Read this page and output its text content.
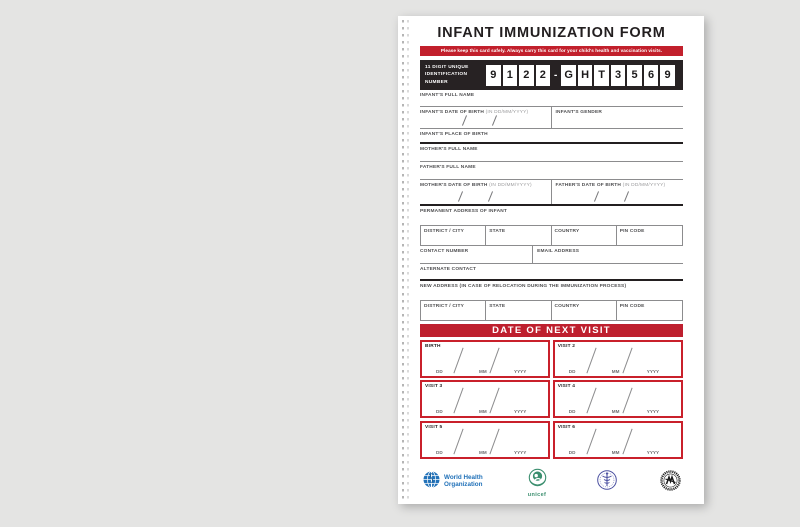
INFANT IMMUNIZATION FORM
Please keep this card safely. Always carry this card for your child's health and vaccination visits.
11 DIGIT UNIQUE
IDENTIFICATION
NUMBER
9 1 2 2 - G H T 3 5 6 9
INFANT'S FULL NAME
INFANT'S DATE OF BIRTH (IN DD/MM/YYYY)	INFANT'S GENDER
INFANT'S PLACE OF BIRTH
MOTHER'S FULL NAME
FATHER'S FULL NAME
MOTHER'S DATE OF BIRTH (IN DD/MM/YYYY)	FATHER'S DATE OF BIRTH (IN DD/MM/YYYY)
PERMANENT ADDRESS OF INFANT
DISTRICT / CITY	STATE	COUNTRY	PIN CODE
CONTACT NUMBER	EMAIL ADDRESS
ALTERNATE CONTACT
NEW ADDRESS (IN CASE OF RELOCATION DURING THE IMMUNIZATION PROCESS)
DISTRICT / CITY	STATE	COUNTRY	PIN CODE
DATE OF NEXT VISIT
BIRTH
DD	MM	YYYY
VISIT 2
DD	MM	YYYY
VISIT 3
DD	MM	YYYY
VISIT 4
DD	MM	YYYY
VISIT 5
DD	MM	YYYY
VISIT 6
DD	MM	YYYY
World Health
Organization
unicef
